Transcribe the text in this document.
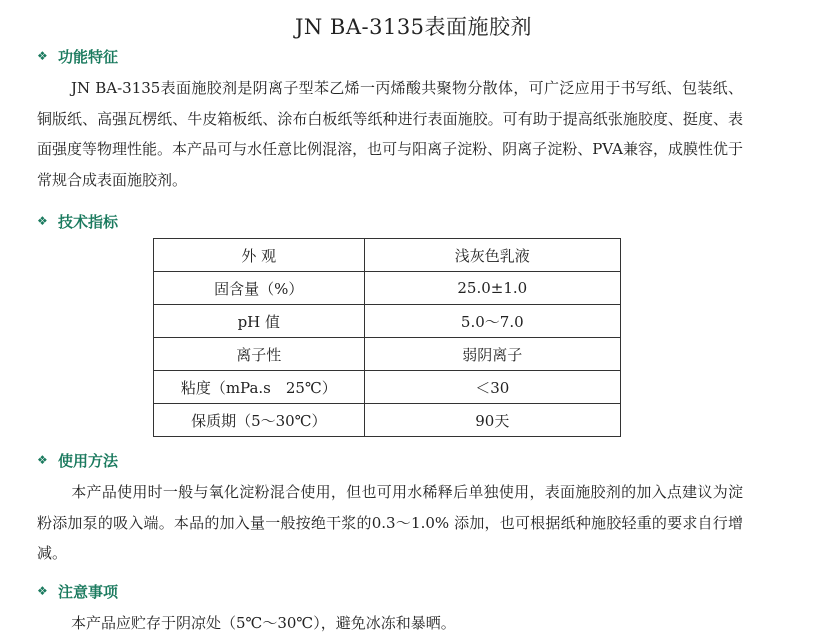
JN BA-3135表面施胶剂
❖ 功能特征
JN BA-3135表面施胶剂是阴离子型苯乙烯一丙烯酸共聚物分散体，可广泛应用于书写纸、包装纸、铜版纸、高强瓦楞纸、牛皮箱板纸、涂布白板纸等纸种进行表面施胶。可有助于提高纸张施胶度、挺度、表面强度等物理性能。本产品可与水任意比例混溶，也可与阳离子淀粉、阴离子淀粉、PVA兼容，成膜性优于常规合成表面施胶剂。
❖ 技术指标
外 观	浅灰色乳液
固含量（%）	25.0±1.0
pH 值	5.0～7.0
离子性	弱阴离子
粘度（mPa.s　25℃）	＜30
保质期（5～30℃）	90天
❖ 使用方法
本产品使用时一般与氧化淀粉混合使用，但也可用水稀释后单独使用，表面施胶剂的加入点建议为淀粉添加泵的吸入端。本品的加入量一般按绝干浆的0.3～1.0% 添加，也可根据纸种施胶轻重的要求自行增减。
❖ 注意事项
本产品应贮存于阴凉处（5℃～30℃），避免冰冻和暴晒。
